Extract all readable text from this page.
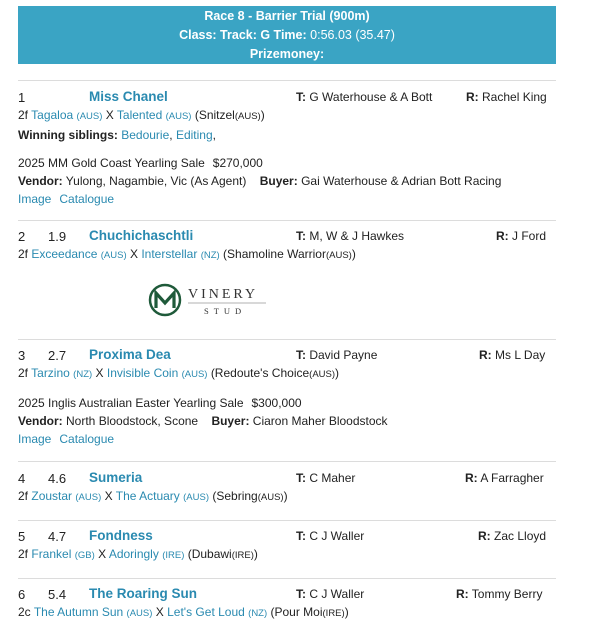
Race 8 - Barrier Trial (900m)
Class: Track: G Time: 0:56.03 (35.47)
Prizemoney:
1	Miss Chanel	T: G Waterhouse & A Bott	R: Rachel King
2f Tagaloa (AUS) X Talented (AUS) (Snitzel(AUS))
Winning siblings: Bedourie, Editing,
2025 MM Gold Coast Yearling Sale $270,000
Vendor: Yulong, Nagambie, Vic (As Agent) Buyer: Gai Waterhouse & Adrian Bott Racing
Image Catalogue
2 1.9 Chuchichaschtli	T: M, W & J Hawkes	R: J Ford
2f Exceedance (AUS) X Interstellar (NZ) (Shamoline Warrior(AUS))
VINERY
STUD
3 2.7 Proxima Dea	T: David Payne	R: Ms L Day
2f Tarzino (NZ) X Invisible Coin (AUS) (Redoute's Choice(AUS))
2025 Inglis Australian Easter Yearling Sale $300,000
Vendor: North Bloodstock, Scone Buyer: Ciaron Maher Bloodstock
Image Catalogue
4 4.6 Sumeria	T: C Maher	R: A Farragher
2f Zoustar (AUS) X The Actuary (AUS) (Sebring(AUS))
5 4.7 Fondness	T: C J Waller	R: Zac Lloyd
2f Frankel (GB) X Adoringly (IRE) (Dubawi(IRE))
6 5.4 The Roaring Sun	T: C J Waller	R: Tommy Berry
2c The Autumn Sun (AUS) X Let's Get Loud (NZ) (Pour Moi(IRE))
